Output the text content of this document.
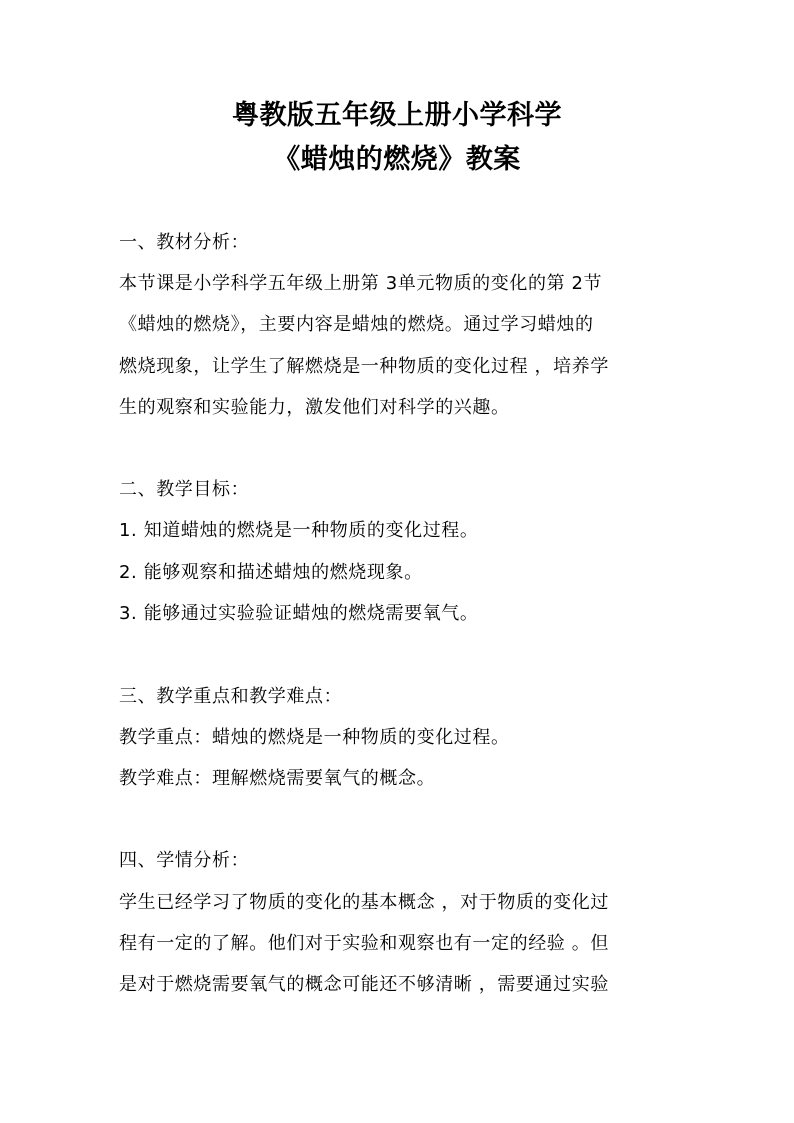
粤教版五年级上册小学科学
《蜡烛的燃烧》教案
一、教材分析：
本节课是小学科学五年级上册第 3单元物质的变化的第 2节
《蜡烛的燃烧》，主要内容是蜡烛的燃烧。通过学习蜡烛的
燃烧现象，让学生了解燃烧是一种物质的变化过程 ，培养学
生的观察和实验能力，激发他们对科学的兴趣。
二、教学目标：
1. 知道蜡烛的燃烧是一种物质的变化过程。
2. 能够观察和描述蜡烛的燃烧现象。
3. 能够通过实验验证蜡烛的燃烧需要氧气。
三、教学重点和教学难点：
教学重点：蜡烛的燃烧是一种物质的变化过程。
教学难点：理解燃烧需要氧气的概念。
四、学情分析：
学生已经学习了物质的变化的基本概念 ，对于物质的变化过
程有一定的了解。他们对于实验和观察也有一定的经验 。但
是对于燃烧需要氧气的概念可能还不够清晰 ，需要通过实验
